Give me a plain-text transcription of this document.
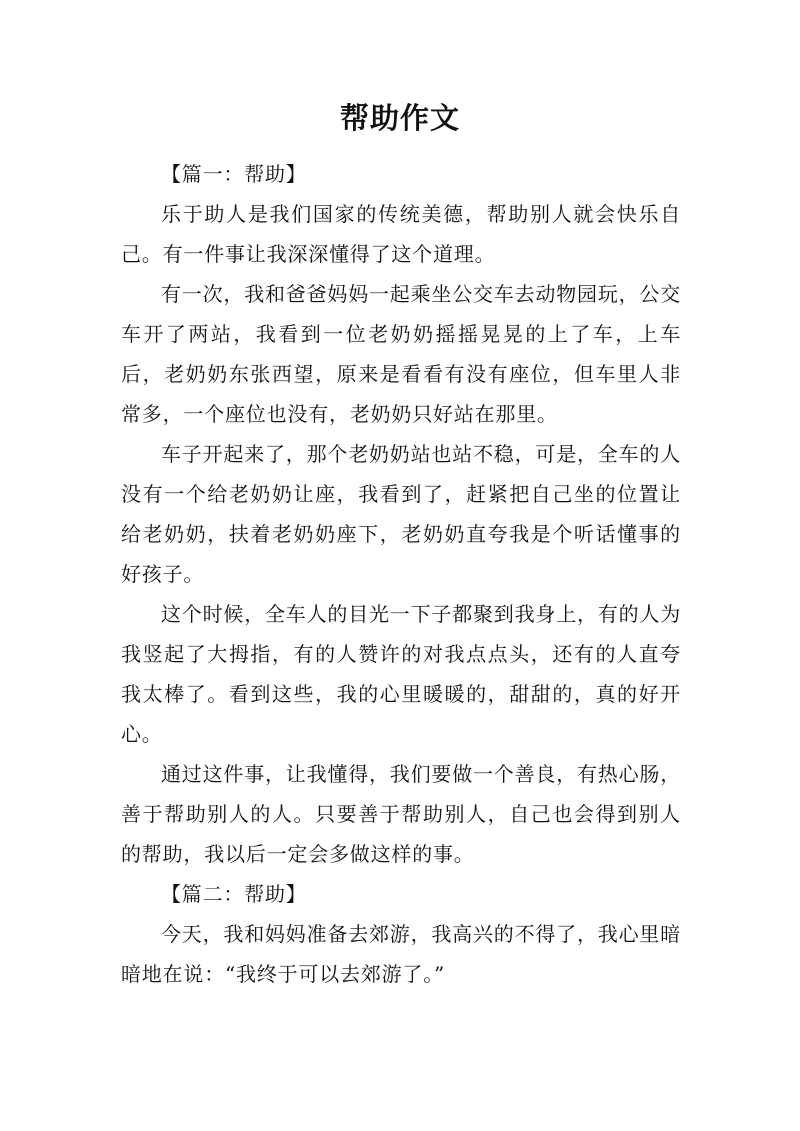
帮助作文
【篇一：帮助】

乐于助人是我们国家的传统美德，帮助别人就会快乐自己。有一件事让我深深懂得了这个道理。

有一次，我和爸爸妈妈一起乘坐公交车去动物园玩，公交车开了两站，我看到一位老奶奶摇摇晃晃的上了车，上车后，老奶奶东张西望，原来是看看有没有座位，但车里人非常多，一个座位也没有，老奶奶只好站在那里。

车子开起来了，那个老奶奶站也站不稳，可是，全车的人没有一个给老奶奶让座，我看到了，赶紧把自己坐的位置让给老奶奶，扶着老奶奶座下，老奶奶直夸我是个听话懂事的好孩子。

这个时候，全车人的目光一下子都聚到我身上，有的人为我竖起了大拇指，有的人赞许的对我点点头，还有的人直夸我太棒了。看到这些，我的心里暖暖的，甜甜的，真的好开心。

通过这件事，让我懂得，我们要做一个善良，有热心肠，善于帮助别人的人。只要善于帮助别人，自己也会得到别人的帮助，我以后一定会多做这样的事。

【篇二：帮助】

今天，我和妈妈准备去郊游，我高兴的不得了，我心里暗暗地在说：“我终于可以去郊游了。”
